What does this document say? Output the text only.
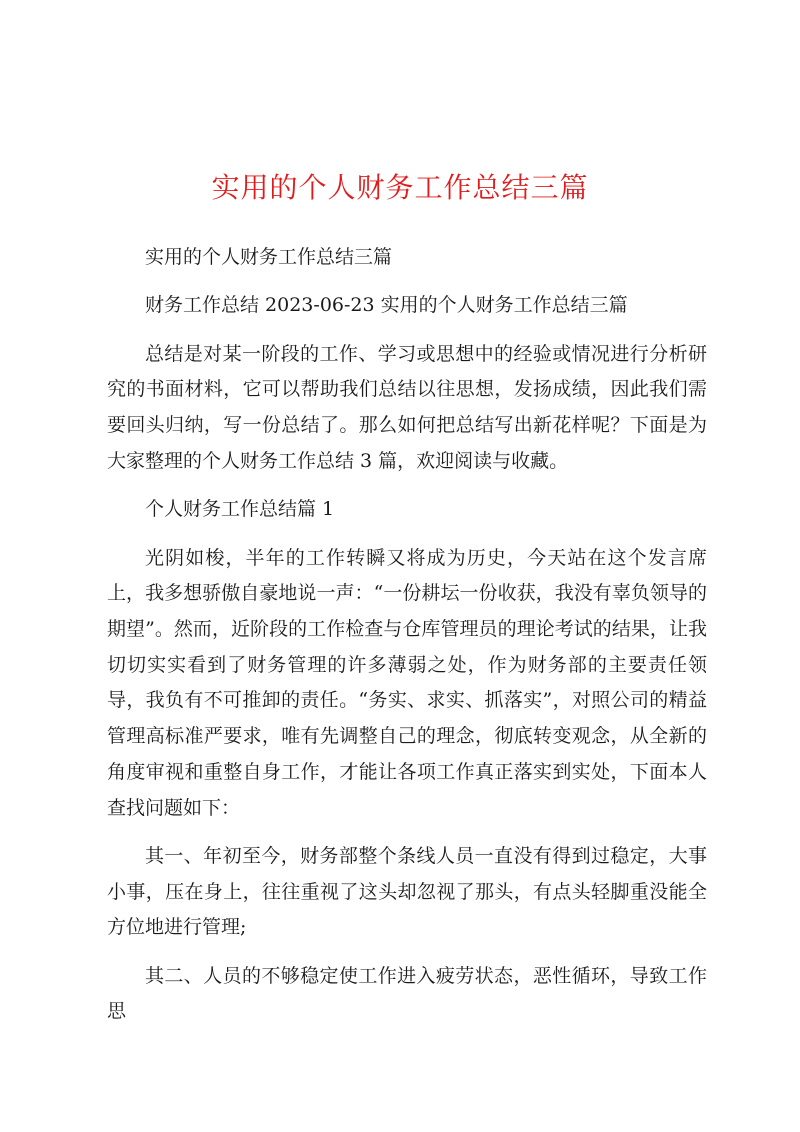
实用的个人财务工作总结三篇

实用的个人财务工作总结三篇

财务工作总结 2023-06-23 实用的个人财务工作总结三篇

总结是对某一阶段的工作、学习或思想中的经验或情况进行分析研究的书面材料，它可以帮助我们总结以往思想，发扬成绩，因此我们需要回头归纳，写一份总结了。那么如何把总结写出新花样呢？下面是为大家整理的个人财务工作总结 3 篇，欢迎阅读与收藏。

个人财务工作总结篇 1

光阴如梭，半年的工作转瞬又将成为历史，今天站在这个发言席上，我多想骄傲自豪地说一声：“一份耕坛一份收获，我没有辜负领导的期望”。然而，近阶段的工作检查与仓库管理员的理论考试的结果，让我切切实实看到了财务管理的许多薄弱之处，作为财务部的主要责任领导，我负有不可推卸的责任。“务实、求实、抓落实”，对照公司的精益管理高标准严要求，唯有先调整自己的理念，彻底转变观念，从全新的角度审视和重整自身工作，才能让各项工作真正落实到实处，下面本人查找问题如下：

其一、年初至今，财务部整个条线人员一直没有得到过稳定，大事小事，压在身上，往往重视了这头却忽视了那头，有点头轻脚重没能全方位地进行管理;

其二、人员的不够稳定使工作进入疲劳状态，恶性循环，导致工作思
